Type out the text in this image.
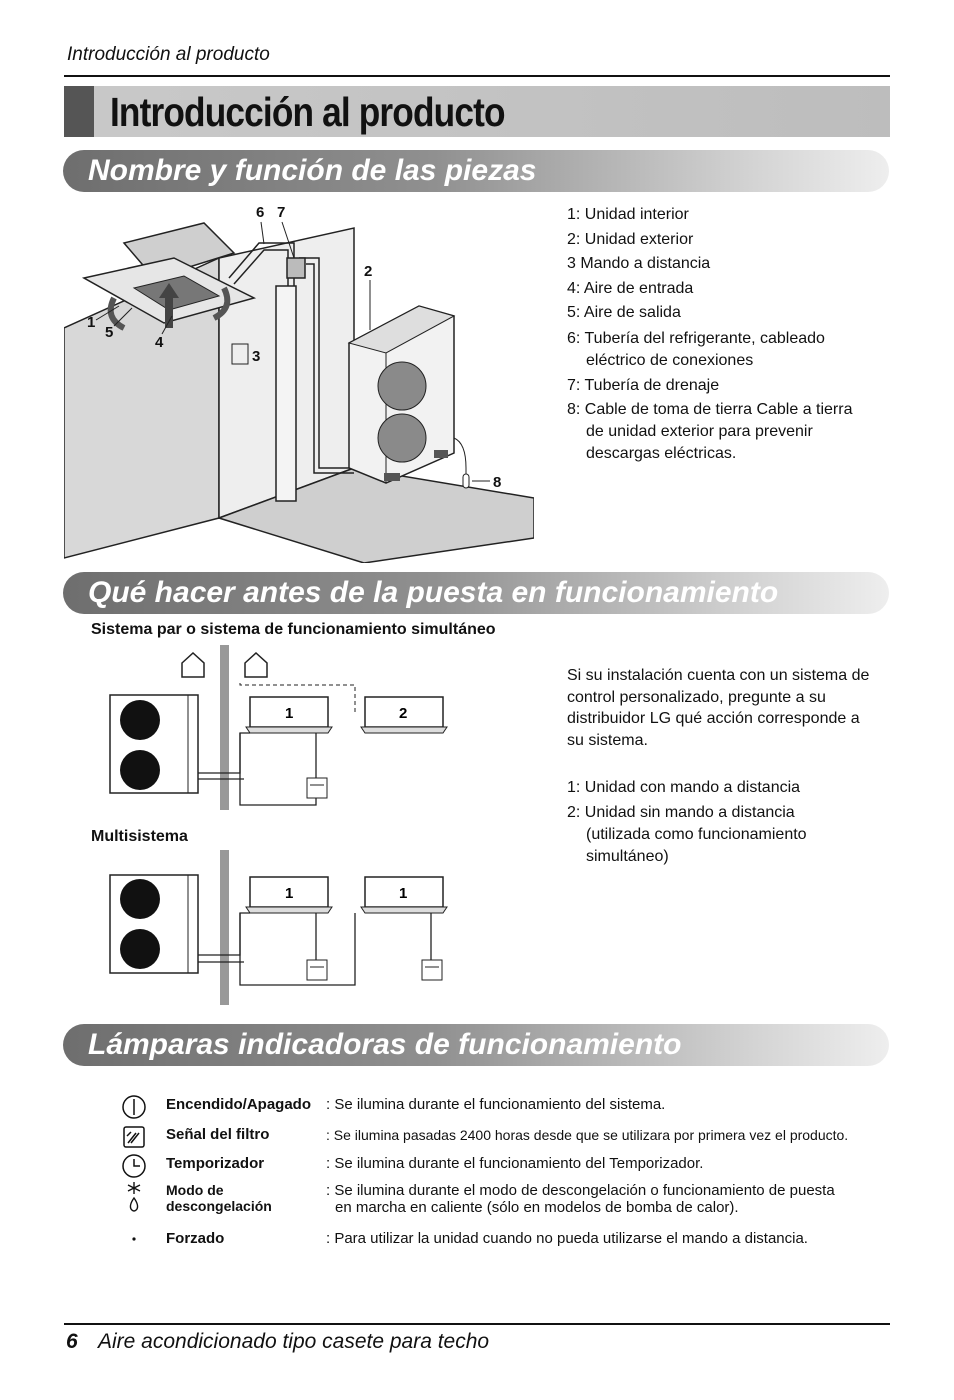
Introducción al producto
Introducción al producto
Nombre y función de las piezas
1
2
3
4
5
6 7
8
1: Unidad interior
2: Unidad exterior
3 Mando a distancia
4: Aire de entrada
5: Aire de salida
6: Tubería del refrigerante, cableado eléctrico de conexiones
7: Tubería de drenaje
8: Cable de toma de tierra Cable a tierra de unidad exterior para prevenir descargas eléctricas.
Qué hacer antes de la puesta en funcionamiento
Sistema par o sistema de funcionamiento simultáneo
1	2
Multisistema
1	1
Si su instalación cuenta con un sistema de control personalizado, pregunte a su distribuidor LG qué acción corresponde a su sistema.
1: Unidad con mando a distancia
2: Unidad sin mando a distancia (utilizada como funcionamiento simultáneo)
Lámparas indicadoras de funcionamiento
Encendido/Apagado : Se ilumina durante el funcionamiento del sistema.
Señal del filtro	: Se ilumina pasadas 2400 horas desde que se utilizara por primera vez el producto.
Temporizador	: Se ilumina durante el funcionamiento del Temporizador.
Modo de descongelación
: Se ilumina durante el modo de descongelación o funcionamiento de puesta en marcha en caliente (sólo en modelos de bomba de calor).
Forzado	: Para utilizar la unidad cuando no pueda utilizarse el mando a distancia.
6 Aire acondicionado tipo casete para techo
